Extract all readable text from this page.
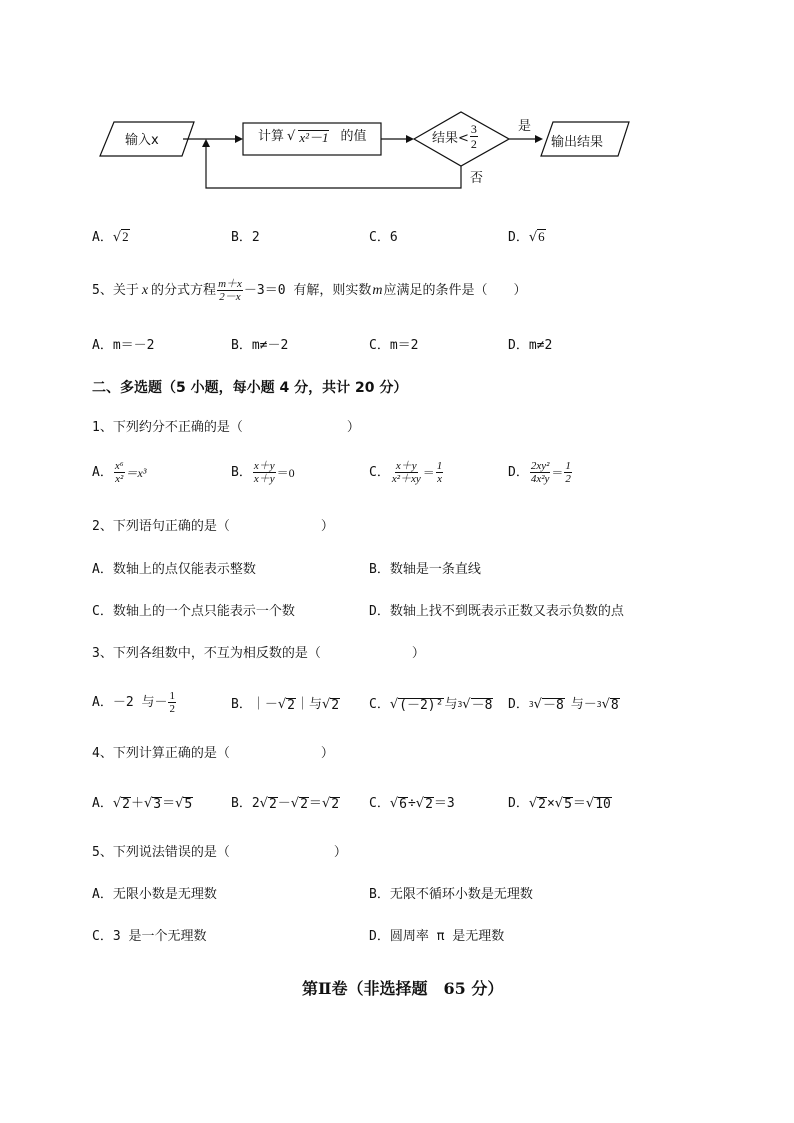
输入x	计算 √ x²－1 的值	结果< $\frac{3}{2}$	是
否
输出结果
A．√2	B．2	C．6	D．√6
5、关于 x 的分式方程 $\frac{m+x}{2-x} -3=0$ 有解，则实数 m 应满足的条件是（　　）
A．m＝－2	B．m≠－2	C．m＝2	D．m≠2
二、多选题（5 小题，每小题 4 分，共计 20 分）
1、下列约分不正确的是（　　　　　　　　）
A． $\frac{\text{x⁶}}{\text{x²}} =x^3$	B． $\frac{x+y}{x+y} =0$	C． $\frac{x+y}{\text{x²＋xy}} = \frac{1}{x}$	D． $\frac{\text{2xy²}}{\text{4x²y}} = \frac{1}{2}$
2、下列语句正确的是（　　　　　　　）
A．数轴上的点仅能表示整数	B．数轴是一条直线
C．数轴上的一个点只能表示一个数	D．数轴上找不到既表示正数又表示负数的点
3、下列各组数中，不互为相反数的是（　　　　　　　）
A．－2 与－ $\frac{1}{2}$	B．｜－ √ 2 ｜与 √ 2 C． √ (－2)² 与 3 √ －8 D． 3 √ －8 与－ 3 √ 8
4、下列计算正确的是（　　　　　　　）
A． √ 2 ＋ √ 3 ＝ √ 5	B． 2 √ 2 － √ 2 ＝ √ 2 C． √ 6 ÷ √ 2 ＝3	D． √ 2 × √ 5 ＝ √ 10
5、下列说法错误的是（　　　　　　　　）
A．无限小数是无理数	B．无限不循环小数是无理数
C．3 是一个无理数	D．圆周率 π 是无理数
第Ⅱ卷（非选择题　65 分）
